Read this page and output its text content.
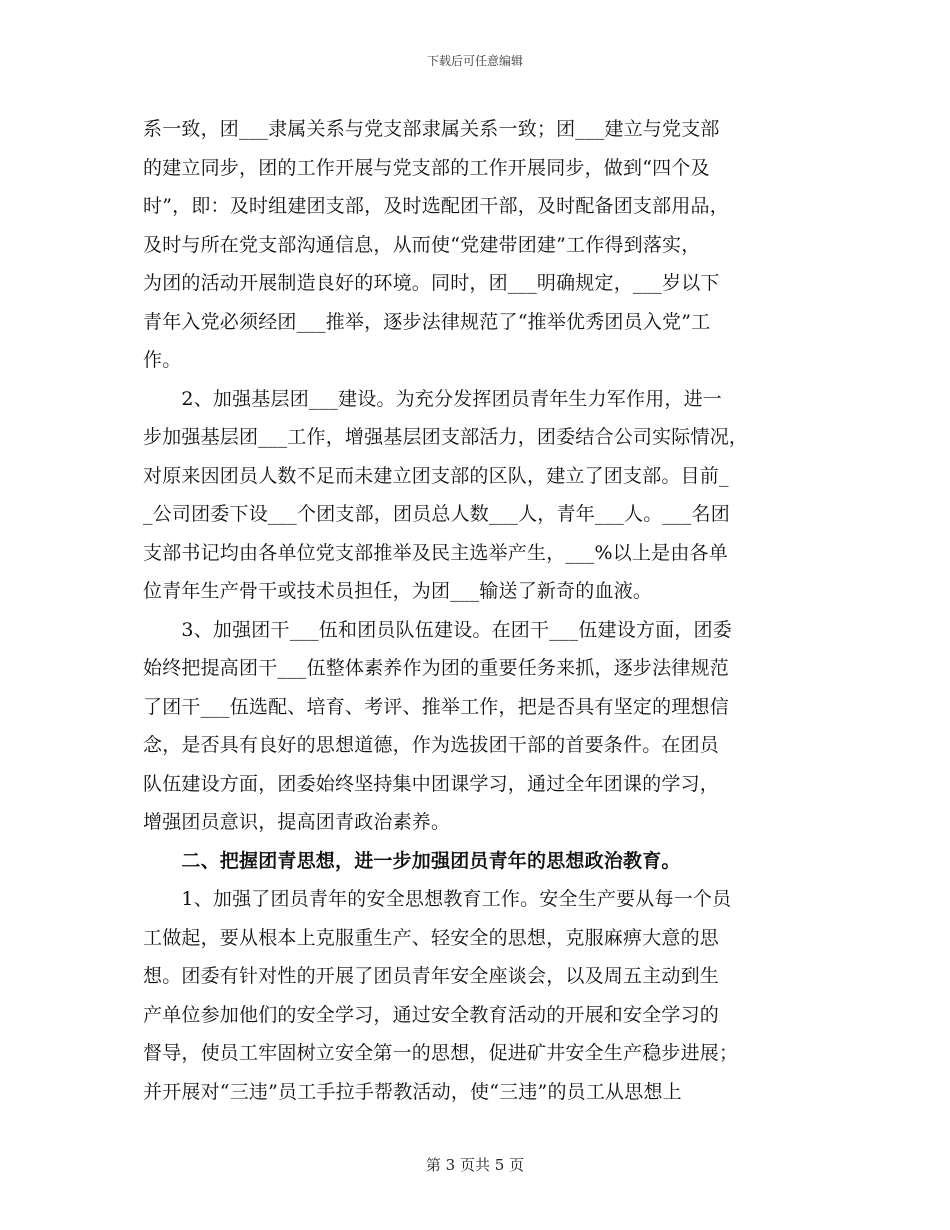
下载后可任意编辑
系一致，团___隶属关系与党支部隶属关系一致；团___建立与党支部
的建立同步，团的工作开展与党支部的工作开展同步，做到“四个及
时”，即：及时组建团支部，及时选配团干部，及时配备团支部用品，
及时与所在党支部沟通信息，从而使“党建带团建”工作得到落实，
为团的活动开展制造良好的环境。同时，团___明确规定，___岁以下
青年入党必须经团___推举，逐步法律规范了“推举优秀团员入党”工
作。
　　2、加强基层团___建设。为充分发挥团员青年生力军作用，进一
步加强基层团___工作，增强基层团支部活力，团委结合公司实际情况，
对原来因团员人数不足而未建立团支部的区队，建立了团支部。目前_
_公司团委下设___个团支部，团员总人数___人，青年___人。___名团
支部书记均由各单位党支部推举及民主选举产生，___%以上是由各单
位青年生产骨干或技术员担任，为团___输送了新奇的血液。
　　3、加强团干___伍和团员队伍建设。在团干___伍建设方面，团委
始终把提高团干___伍整体素养作为团的重要任务来抓，逐步法律规范
了团干___伍选配、培育、考评、推举工作，把是否具有坚定的理想信
念，是否具有良好的思想道德，作为选拔团干部的首要条件。在团员
队伍建设方面，团委始终坚持集中团课学习，通过全年团课的学习，
增强团员意识，提高团青政治素养。
　　二、把握团青思想，进一步加强团员青年的思想政治教育。
　　1、加强了团员青年的安全思想教育工作。安全生产要从每一个员
工做起，要从根本上克服重生产、轻安全的思想，克服麻痹大意的思
想。团委有针对性的开展了团员青年安全座谈会，以及周五主动到生
产单位参加他们的安全学习，通过安全教育活动的开展和安全学习的
督导，使员工牢固树立安全第一的思想，促进矿井安全生产稳步进展；
并开展对“三违”员工手拉手帮教活动，使“三违”的员工从思想上
第 3 页共 5 页
